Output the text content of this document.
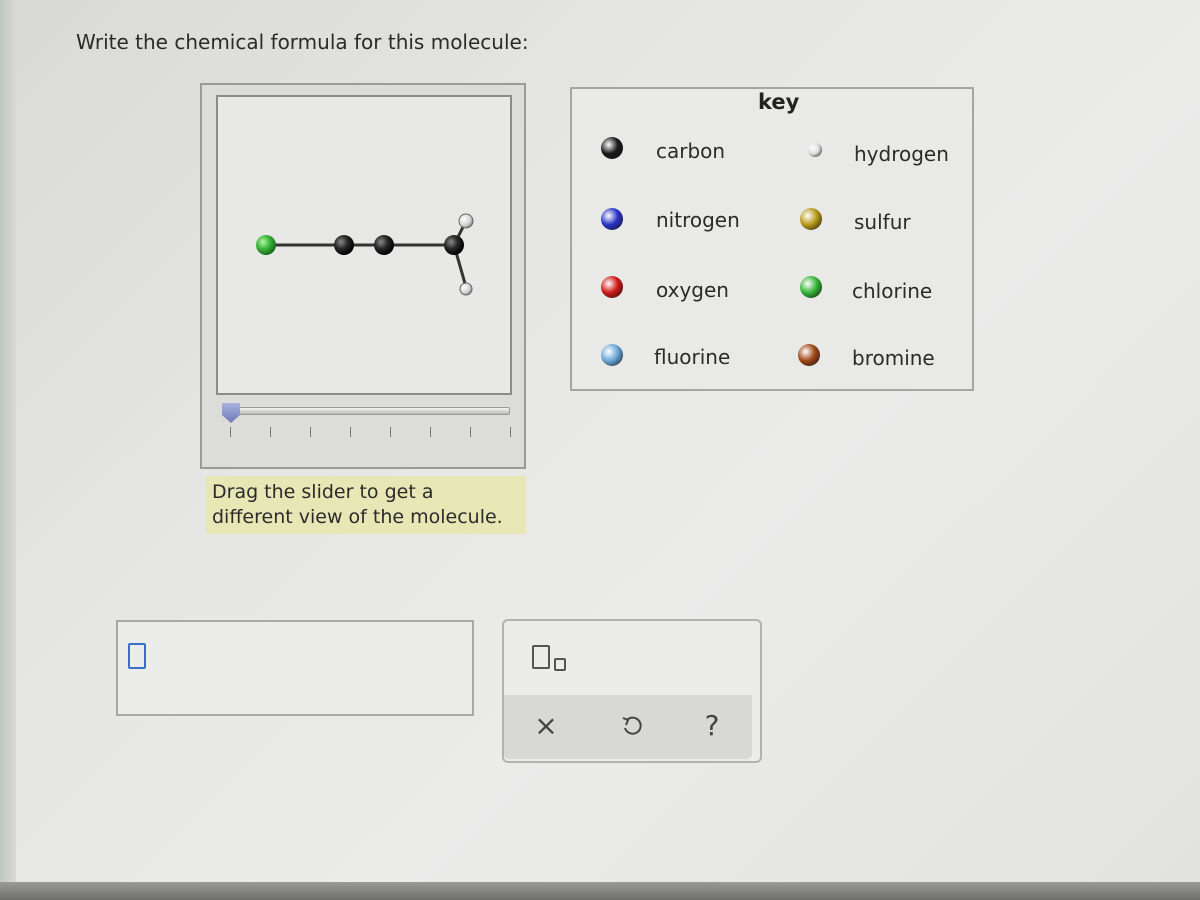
Write the chemical formula for this molecule:
Drag the slider to get a different view of the molecule.
key
carbon	hydrogen
nitrogen	sulfur
oxygen	chlorine
fluorine	bromine
×	?
